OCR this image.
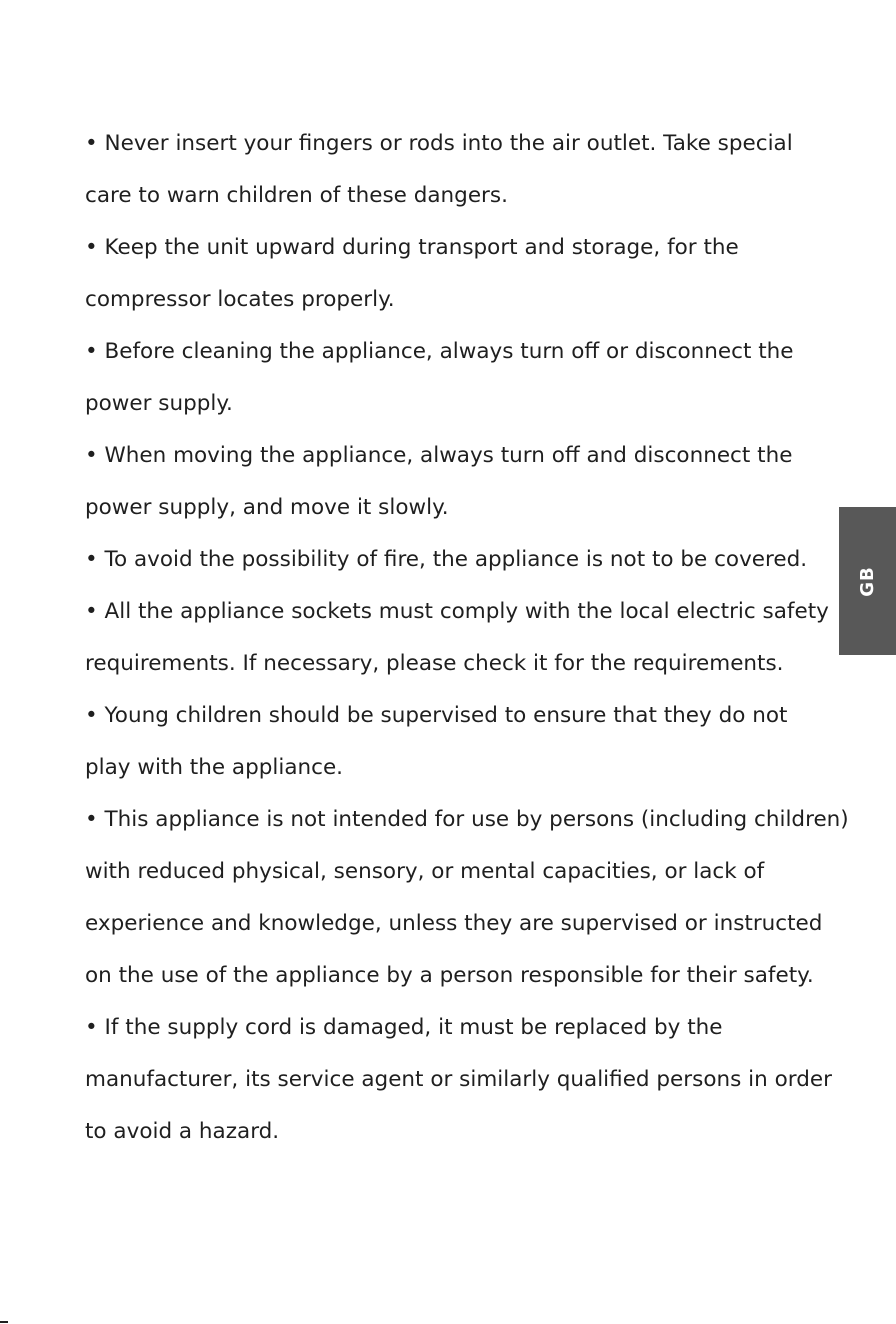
• Never insert your fingers or rods into the air outlet. Take special
care to warn children of these dangers.
• Keep the unit upward during transport and storage, for the
compressor locates properly.
• Before cleaning the appliance, always turn off or disconnect the
power supply.
• When moving the appliance, always turn off and disconnect the
power supply, and move it slowly.
• To avoid the possibility of fire, the appliance is not to be covered.
• All the appliance sockets must comply with the local electric safety
requirements. If necessary, please check it for the requirements.
• Young children should be supervised to ensure that they do not
play with the appliance.
• This appliance is not intended for use by persons (including children)
with reduced physical, sensory, or mental capacities, or lack of
experience and knowledge, unless they are supervised or instructed
on the use of the appliance by a person responsible for their safety.
• If the supply cord is damaged, it must be replaced by the
manufacturer, its service agent or similarly qualified persons in order
to avoid a hazard.
GB
